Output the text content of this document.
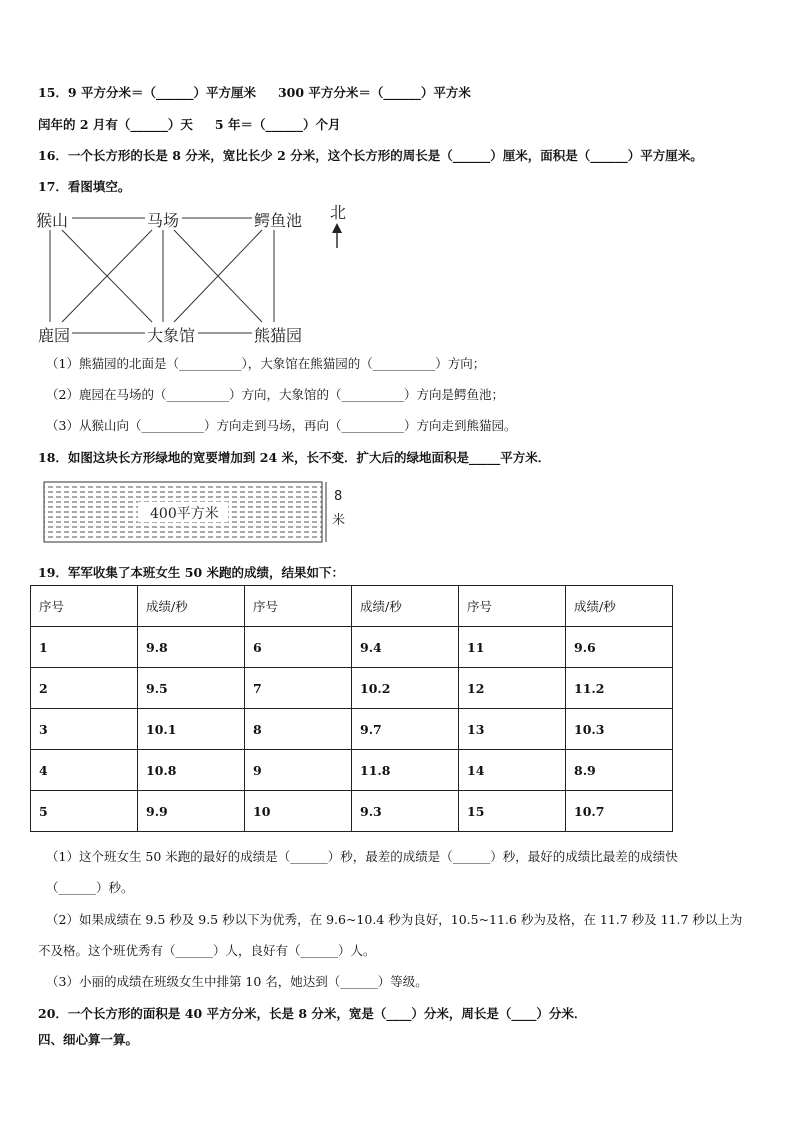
15．9 平方分米＝（______）平方厘米 300 平方分米＝（______）平方米
闰年的 2 月有（______）天 5 年＝（______）个月
16．一个长方形的长是 8 分米，宽比长少 2 分米，这个长方形的周长是（______）厘米，面积是（______）平方厘米。
17．看图填空。
北
猴山	马场	鳄鱼池
鹿园	大象馆	熊猫园
（1）熊猫园的北面是（__________），大象馆在熊猫园的（__________）方向；
（2）鹿园在马场的（__________）方向，大象馆的（__________）方向是鳄鱼池；
（3）从猴山向（__________）方向走到马场，再向（__________）方向走到熊猫园。
18．如图这块长方形绿地的宽要增加到 24 米，长不变．扩大后的绿地面积是_____平方米．
400平方米
8
米
19．军军收集了本班女生 50 米跑的成绩，结果如下：
序号	成绩/秒	序号	成绩/秒	序号	成绩/秒
1	9.8	6	9.4	11	9.6
2	9.5	7	10.2	12	11.2
3	10.1	8	9.7	13	10.3
4	10.8	9	11.8	14	8.9
5	9.9	10	9.3	15	10.7
（1）这个班女生 50 米跑的最好的成绩是（______）秒，最差的成绩是（______）秒，最好的成绩比最差的成绩快
（______）秒。
（2）如果成绩在 9.5 秒及 9.5 秒以下为优秀，在 9.6~10.4 秒为良好，10.5~11.6 秒为及格，在 11.7 秒及 11.7 秒以上为
不及格。这个班优秀有（______）人，良好有（______）人。
（3）小丽的成绩在班级女生中排第 10 名，她达到（______）等级。
20．一个长方形的面积是 40 平方分米，长是 8 分米，宽是（____）分米，周长是（____）分米．
四、细心算一算。
